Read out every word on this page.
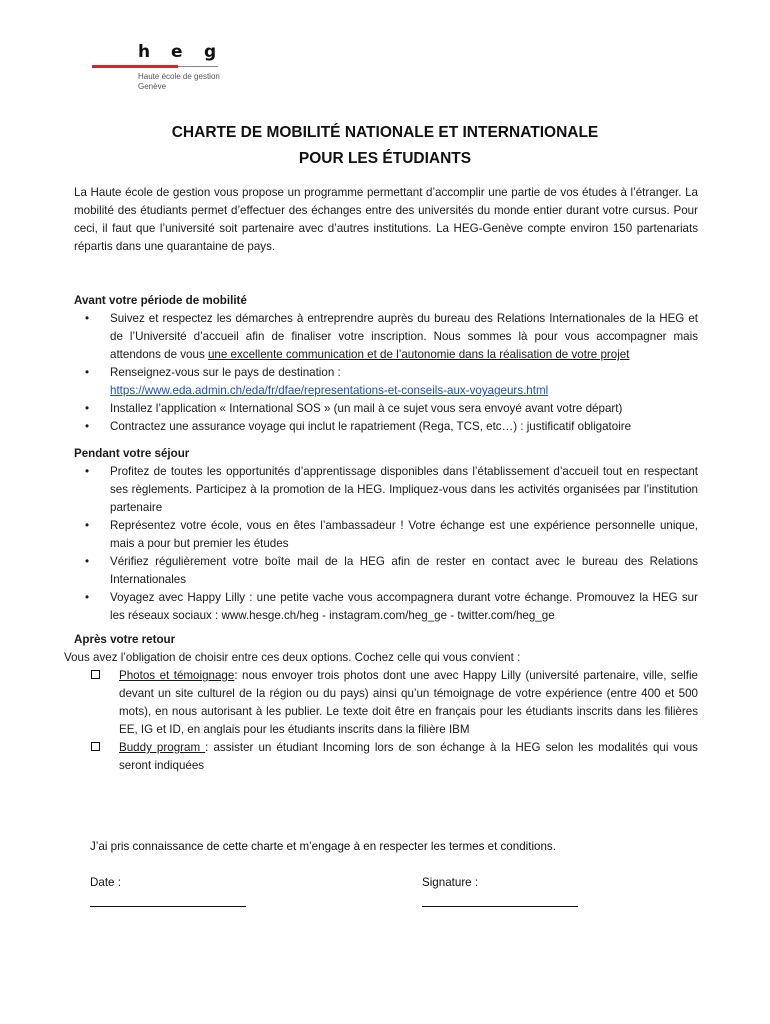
h e g
Haute école de gestion
Genève
CHARTE DE MOBILITÉ NATIONALE ET INTERNATIONALE
POUR LES ÉTUDIANTS

La Haute école de gestion vous propose un programme permettant d’accomplir une partie de vos études à l’étranger. La mobilité des étudiants permet d’effectuer des échanges entre des universités du monde entier durant votre cursus. Pour ceci, il faut que l’université soit partenaire avec d’autres institutions. La HEG-Genève compte environ 150 partenariats répartis dans une quarantaine de pays.

Avant votre période de mobilité

• Suivez et respectez les démarches à entreprendre auprès du bureau des Relations Internationales de la HEG et de l’Université d’accueil afin de finaliser votre inscription. Nous sommes là pour vous accompagner mais attendons de vous une excellente communication et de l’autonomie dans la réalisation de votre projet
• Renseignez-vous sur le pays de destination :
https://www.eda.admin.ch/eda/fr/dfae/representations-et-conseils-aux-voyageurs.html
• Installez l’application « International SOS » (un mail à ce sujet vous sera envoyé avant votre départ)
• Contractez une assurance voyage qui inclut le rapatriement (Rega, TCS, etc…) : justificatif obligatoire

Pendant votre séjour

• Profitez de toutes les opportunités d’apprentissage disponibles dans l’établissement d’accueil tout en respectant ses règlements. Participez à la promotion de la HEG. Impliquez-vous dans les activités organisées par l’institution partenaire
• Représentez votre école, vous en êtes l’ambassadeur ! Votre échange est une expérience personnelle unique, mais a pour but premier les études
• Vérifiez régulièrement votre boîte mail de la HEG afin de rester en contact avec le bureau des Relations Internationales
• Voyagez avec Happy Lilly : une petite vache vous accompagnera durant votre échange. Promouvez la HEG sur les réseaux sociaux : www.hesge.ch/heg - instagram.com/heg_ge - twitter.com/heg_ge

Après votre retour

Vous avez l’obligation de choisir entre ces deux options. Cochez celle qui vous convient :

Photos et témoignage: nous envoyer trois photos dont une avec Happy Lilly (université partenaire, ville, selfie devant un site culturel de la région ou du pays) ainsi qu’un témoignage de votre expérience (entre 400 et 500 mots), en nous autorisant à les publier. Le texte doit être en français pour les étudiants inscrits dans les filières EE, IG et ID, en anglais pour les étudiants inscrits dans la filière IBM
Buddy program : assister un étudiant Incoming lors de son échange à la HEG selon les modalités qui vous seront indiquées
J’ai pris connaissance de cette charte et m’engage à en respecter les termes et conditions.
Date :	Signature :
